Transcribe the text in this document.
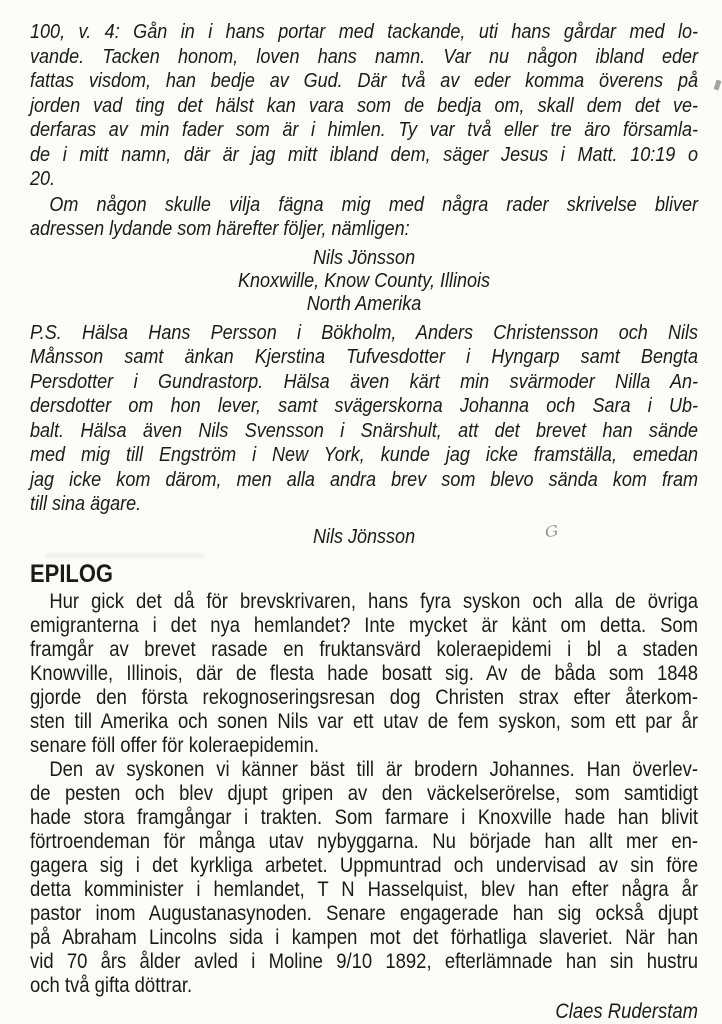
100, v. 4: Gån in i hans portar med tackande, uti hans gårdar med lo-
vande. Tacken honom, loven hans namn. Var nu någon ibland eder
fattas visdom, han bedje av Gud. Där två av eder komma överens på
jorden vad ting det hälst kan vara som de bedja om, skall dem det ve-
derfaras av min fader som är i himlen. Ty var två eller tre äro församla-
de i mitt namn, där är jag mitt ibland dem, säger Jesus i Matt. 10:19 o
20.
Om någon skulle vilja fägna mig med några rader skrivelse bliver
adressen lydande som härefter följer, nämligen:
Nils Jönsson
Knoxwille, Know County, Illinois
North Amerika
P.S. Hälsa Hans Persson i Bökholm, Anders Christensson och Nils
Månsson samt änkan Kjerstina Tufvesdotter i Hyngarp samt Bengta
Persdotter i Gundrastorp. Hälsa även kärt min svärmoder Nilla An-
dersdotter om hon lever, samt svägerskorna Johanna och Sara i Ub-
balt. Hälsa även Nils Svensson i Snärshult, att det brevet han sände
med mig till Engström i New York, kunde jag icke framställa, emedan
jag icke kom därom, men alla andra brev som blevo sända kom fram
till sina ägare.
Nils Jönsson
EPILOG
Hur gick det då för brevskrivaren, hans fyra syskon och alla de övriga
emigranterna i det nya hemlandet? Inte mycket är känt om detta. Som
framgår av brevet rasade en fruktansvärd koleraepidemi i bl a staden
Knowville, Illinois, där de flesta hade bosatt sig. Av de båda som 1848
gjorde den första rekognoseringsresan dog Christen strax efter återkom-
sten till Amerika och sonen Nils var ett utav de fem syskon, som ett par år
senare föll offer för koleraepidemin.
Den av syskonen vi känner bäst till är brodern Johannes. Han överlev-
de pesten och blev djupt gripen av den väckelserörelse, som samtidigt
hade stora framgångar i trakten. Som farmare i Knoxville hade han blivit
förtroendeman för många utav nybyggarna. Nu började han allt mer en-
gagera sig i det kyrkliga arbetet. Uppmuntrad och undervisad av sin före
detta komminister i hemlandet, T N Hasselquist, blev han efter några år
pastor inom Augustanasynoden. Senare engagerade han sig också djupt
på Abraham Lincolns sida i kampen mot det förhatliga slaveriet. När han
vid 70 års ålder avled i Moline 9/10 1892, efterlämnade han sin hustru
och två gifta döttrar.
Claes Ruderstam
G
